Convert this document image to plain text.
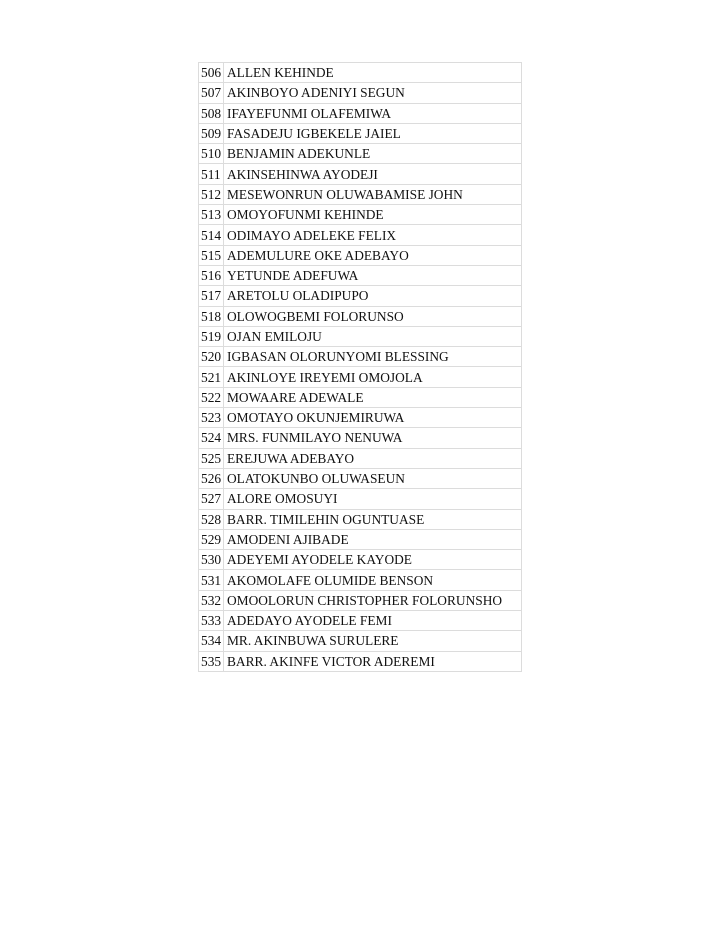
506	ALLEN KEHINDE
507	AKINBOYO ADENIYI SEGUN
508	IFAYEFUNMI OLAFEMIWA
509	FASADEJU IGBEKELE JAIEL
510	BENJAMIN ADEKUNLE
511	AKINSEHINWA AYODEJI
512	MESEWONRUN OLUWABAMISE JOHN
513	OMOYOFUNMI KEHINDE
514	ODIMAYO ADELEKE FELIX
515	ADEMULURE OKE ADEBAYO
516	YETUNDE ADEFUWA
517	ARETOLU OLADIPUPO
518	OLOWOGBEMI FOLORUNSO
519	OJAN EMILOJU
520	IGBASAN OLORUNYOMI BLESSING
521	AKINLOYE IREYEMI OMOJOLA
522	MOWAARE ADEWALE
523	OMOTAYO OKUNJEMIRUWA
524	MRS. FUNMILAYO NENUWA
525	EREJUWA ADEBAYO
526	OLATOKUNBO OLUWASEUN
527	ALORE OMOSUYI
528	BARR. TIMILEHIN OGUNTUASE
529	AMODENI AJIBADE
530	ADEYEMI AYODELE KAYODE
531	AKOMOLAFE OLUMIDE BENSON
532	OMOOLORUN CHRISTOPHER FOLORUNSHO
533	ADEDAYO AYODELE FEMI
534	MR. AKINBUWA SURULERE
535	BARR. AKINFE VICTOR ADEREMI
